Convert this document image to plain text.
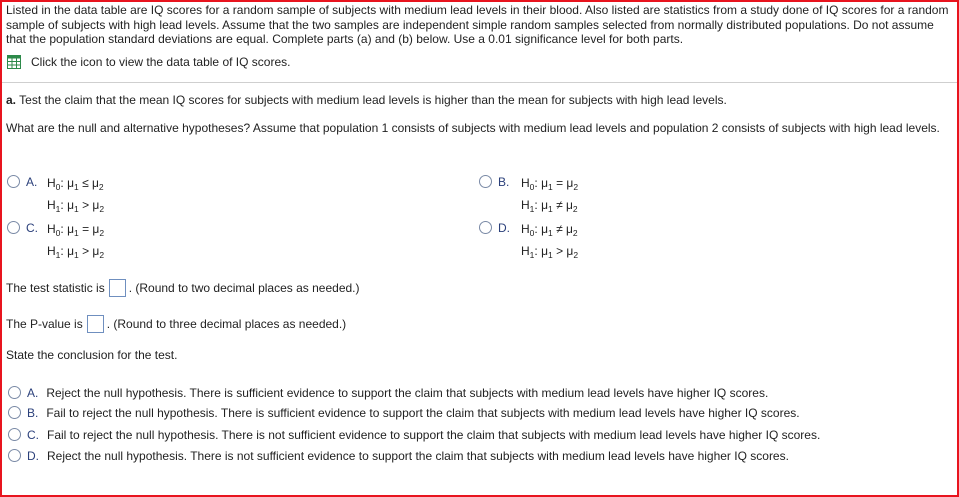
Listed in the data table are IQ scores for a random sample of subjects with medium lead levels in their blood. Also listed are statistics from a study done of IQ scores for a random sample of subjects with high lead levels. Assume that the two samples are independent simple random samples selected from normally distributed populations. Do not assume that the population standard deviations are equal. Complete parts (a) and (b) below. Use a 0.01 significance level for both parts.
Click the icon to view the data table of IQ scores.
a. Test the claim that the mean IQ scores for subjects with medium lead levels is higher than the mean for subjects with high lead levels.
What are the null and alternative hypotheses? Assume that population 1 consists of subjects with medium lead levels and population 2 consists of subjects with high lead levels.
A. $H_0$: $\mu_1 \le \mu_2$
$H_1$: $\mu_1 > \mu_2$
B. $H_0$: $\mu_1 = \mu_2$
$H_1$: $\mu_1 \ne \mu_2$
C. $H_0$: $\mu_1 = \mu_2$
$H_1$: $\mu_1 > \mu_2$
D. $H_0$: $\mu_1 \ne \mu_2$
$H_1$: $\mu_1 > \mu_2$
The test statistic is . (Round to two decimal places as needed.)
The P-value is . (Round to three decimal places as needed.)
State the conclusion for the test.
A. Reject the null hypothesis. There is sufficient evidence to support the claim that subjects with medium lead levels have higher IQ scores.
B. Fail to reject the null hypothesis. There is sufficient evidence to support the claim that subjects with medium lead levels have higher IQ scores.
C. Fail to reject the null hypothesis. There is not sufficient evidence to support the claim that subjects with medium lead levels have higher IQ scores.
D. Reject the null hypothesis. There is not sufficient evidence to support the claim that subjects with medium lead levels have higher IQ scores.
